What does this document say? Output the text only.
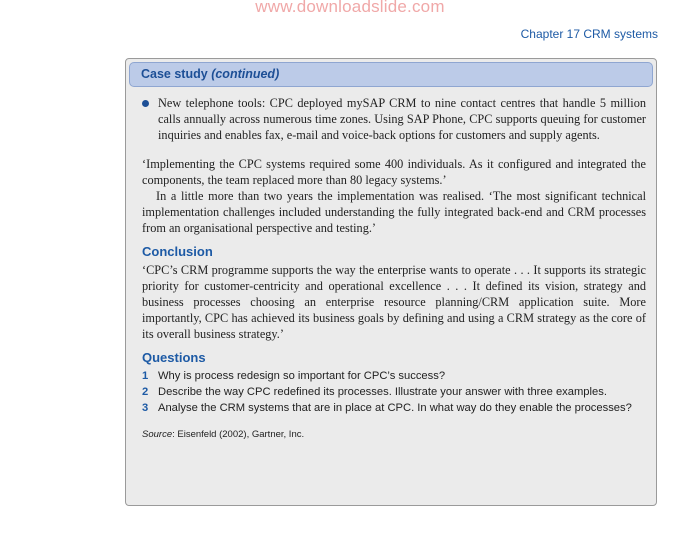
www.downloadslide.com
Chapter 17 CRM systems
Case study (continued)
New telephone tools: CPC deployed mySAP CRM to nine contact centres that handle 5 million calls annually across numerous time zones. Using SAP Phone, CPC supports queuing for customer inquiries and enables fax, e-mail and voice-back options for customers and supply agents.

‘Implementing the CPC systems required some 400 individuals. As it configured and integrated the components, the team replaced more than 80 legacy systems.’

In a little more than two years the implementation was realised. ‘The most significant technical implementation challenges included understanding the fully integrated back-end and CRM processes from an organisational perspective and testing.’

Conclusion

‘CPC’s CRM programme supports the way the enterprise wants to operate . . . It supports its strategic priority for customer-centricity and operational excellence . . . It defined its vision, strategy and business processes choosing an enterprise resource planning/CRM application suite. More importantly, CPC has achieved its business goals by defining and using a CRM strategy as the core of its overall business strategy.’

Questions
1 Why is process redesign so important for CPC’s success?
2 Describe the way CPC redefined its processes. Illustrate your answer with three examples.
3 Analyse the CRM systems that are in place at CPC. In what way do they enable the processes?
Source: Eisenfeld (2002), Gartner, Inc.
